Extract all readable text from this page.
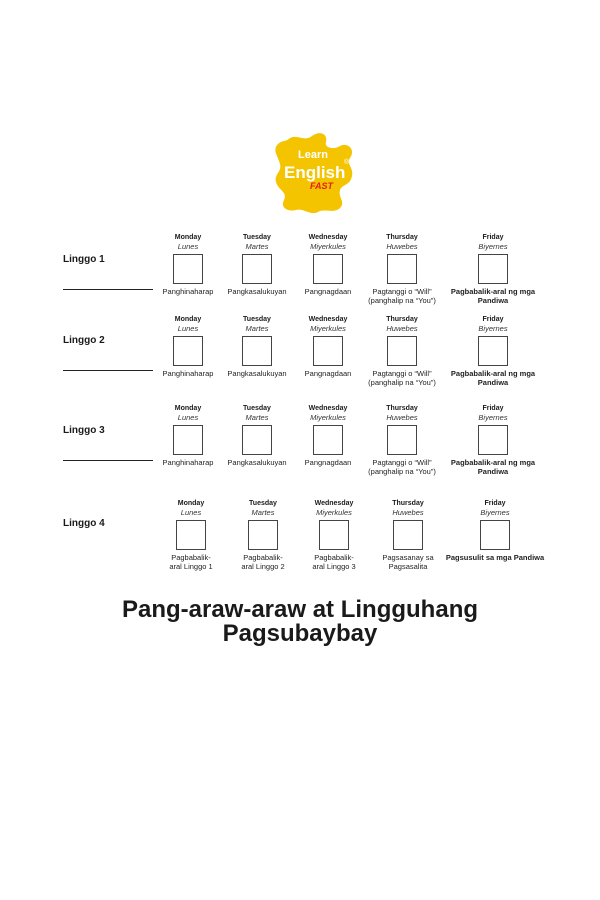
Learn
English
®
FAST
Linggo 1
Monday
Lunes
Panghinaharap
Tuesday
Martes
Pangkasalukuyan
Wednesday
Miyerkules
Pangnagdaan
Thursday
Huwebes
Pagtanggi o “Will” (panghalip na “You”)
Friday
Biyernes
Pagbabalik-aral ng mga Pandiwa
Linggo 2
Monday
Lunes
Panghinaharap
Tuesday
Martes
Pangkasalukuyan
Wednesday
Miyerkules
Pangnagdaan
Thursday
Huwebes
Pagtanggi o “Will” (panghalip na “You”)
Friday
Biyernes
Pagbabalik-aral ng mga Pandiwa
Linggo 3
Monday
Lunes
Panghinaharap
Tuesday
Martes
Pangkasalukuyan
Wednesday
Miyerkules
Pangnagdaan
Thursday
Huwebes
Pagtanggi o “Will” (panghalip na “You”)
Friday
Biyernes
Pagbabalik-aral ng mga Pandiwa
Linggo 4
Monday
Lunes
Pagbabalik-aral Linggo 1
Tuesday
Martes
Pagbabalik-aral Linggo 2
Wednesday
Miyerkules
Pagbabalik-aral Linggo 3
Thursday
Huwebes
Pagsasanay sa Pagsasalita
Friday
Biyernes
Pagsusulit sa mga Pandiwa
Pang-araw-araw at Lingguhang
Pagsubaybay
